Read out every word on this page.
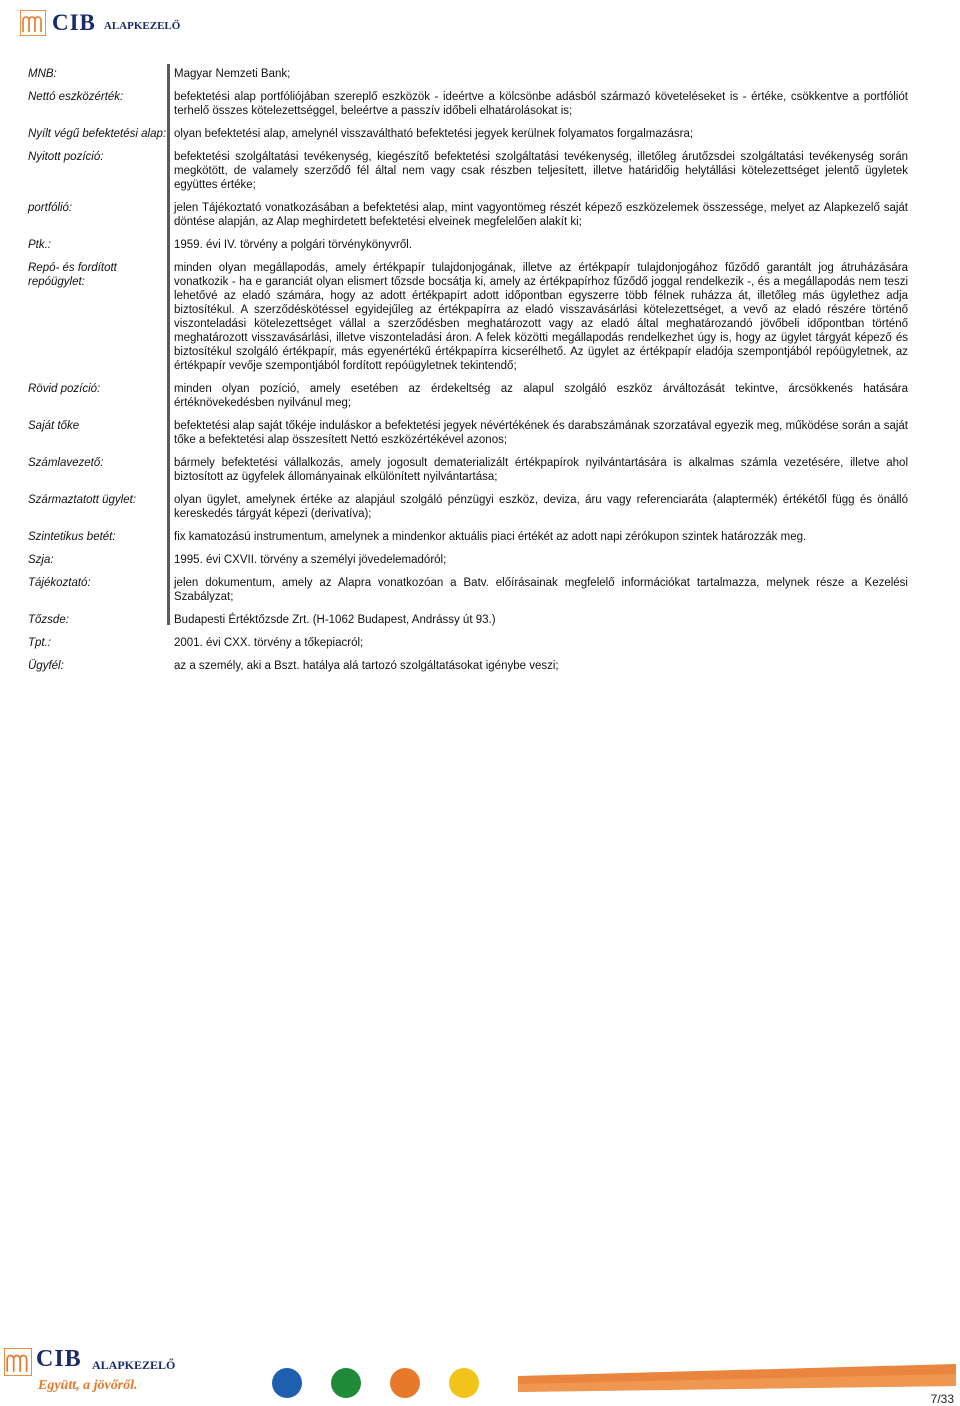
CIB ALAPKEZELŐ
MNB:	Magyar Nemzeti Bank;
Nettó eszközérték:	befektetési alap portfóliójában szereplő eszközök - ideértve a kölcsönbe adásból származó követeléseket is - értéke, csökkentve a portfóliót terhelő összes kötelezettséggel, beleértve a passzív időbeli elhatárolásokat is;
Nyílt végű befektetési alap: olyan befektetési alap, amelynél visszaváltható befektetési jegyek kerülnek folyamatos forgalmazásra;
Nyitott pozíció:	befektetési szolgáltatási tevékenység, kiegészítő befektetési szolgáltatási tevékenység, illetőleg árutőzsdei szolgáltatási tevékenység során megkötött, de valamely szerződő fél által nem vagy csak részben teljesített, illetve határidőig helytállási kötelezettséget jelentő ügyletek együttes értéke;
portfólió:	jelen Tájékoztató vonatkozásában a befektetési alap, mint vagyontömeg részét képező eszközelemek összessége, melyet az Alapkezelő saját döntése alapján, az Alap meghirdetett befektetési elveinek megfelelően alakít ki;
Ptk.:	1959. évi IV. törvény a polgári törvénykönyvről.
Repó- és fordított repóügylet:
minden olyan megállapodás, amely értékpapír tulajdonjogának, illetve az értékpapír tulajdonjogához fűződő garantált jog átruházására vonatkozik - ha e garanciát olyan elismert tőzsde bocsátja ki, amely az értékpapírhoz fűződő joggal rendelkezik -, és a megállapodás nem teszi lehetővé az eladó számára, hogy az adott értékpapírt adott időpontban egyszerre több félnek ruházza át, illetőleg más ügylethez adja biztosítékul. A szerződéskötéssel egyidejűleg az értékpapírra az eladó visszavásárlási kötelezettséget, a vevő az eladó részére történő viszonteladási kötelezettséget vállal a szerződésben meghatározott vagy az eladó által meghatározandó jövőbeli időpontban történő meghatározott visszavásárlási, illetve viszonteladási áron. A felek közötti megállapodás rendelkezhet úgy is, hogy az ügylet tárgyát képező és biztosítékul szolgáló értékpapír, más egyenértékű értékpapírra kicserélhető. Az ügylet az értékpapír eladója szempontjából repóügyletnek, az értékpapír vevője szempontjából fordított repóügyletnek tekintendő;
Rövid pozíció:	minden olyan pozíció, amely esetében az érdekeltség az alapul szolgáló eszköz árváltozását tekintve, árcsökkenés hatására értéknövekedésben nyilvánul meg;
Saját tőke	befektetési alap saját tőkéje induláskor a befektetési jegyek névértékének és darabszámának szorzatával egyezik meg, működése során a saját tőke a befektetési alap összesített Nettó eszközértékével azonos;
Számlavezető:	bármely befektetési vállalkozás, amely jogosult dematerializált értékpapírok nyilvántartására is alkalmas számla vezetésére, illetve ahol biztosított az ügyfelek állományainak elkülönített nyilvántartása;
Származtatott ügylet:	olyan ügylet, amelynek értéke az alapjául szolgáló pénzügyi eszköz, deviza, áru vagy referenciaráta (alaptermék) értékétől függ és önálló kereskedés tárgyát képezi (derivatíva);
Szintetikus betét:	fix kamatozású instrumentum, amelynek a mindenkor aktuális piaci értékét az adott napi zérókupon szintek határozzák meg.
Szja:	1995. évi CXVII. törvény a személyi jövedelemadóról;
Tájékoztató:	jelen dokumentum, amely az Alapra vonatkozóan a Batv. előírásainak megfelelő információkat tartalmazza, melynek része a Kezelési Szabályzat;
Tőzsde:	Budapesti Értéktőzsde Zrt. (H-1062 Budapest, Andrássy út 93.)
Tpt.:	2001. évi CXX. törvény a tőkepiacról;
Ügyfél:	az a személy, aki a Bszt. hatálya alá tartozó szolgáltatásokat igénybe veszi;
CIB ALAPKEZELŐ
Együtt, a jövőről.
7/33
